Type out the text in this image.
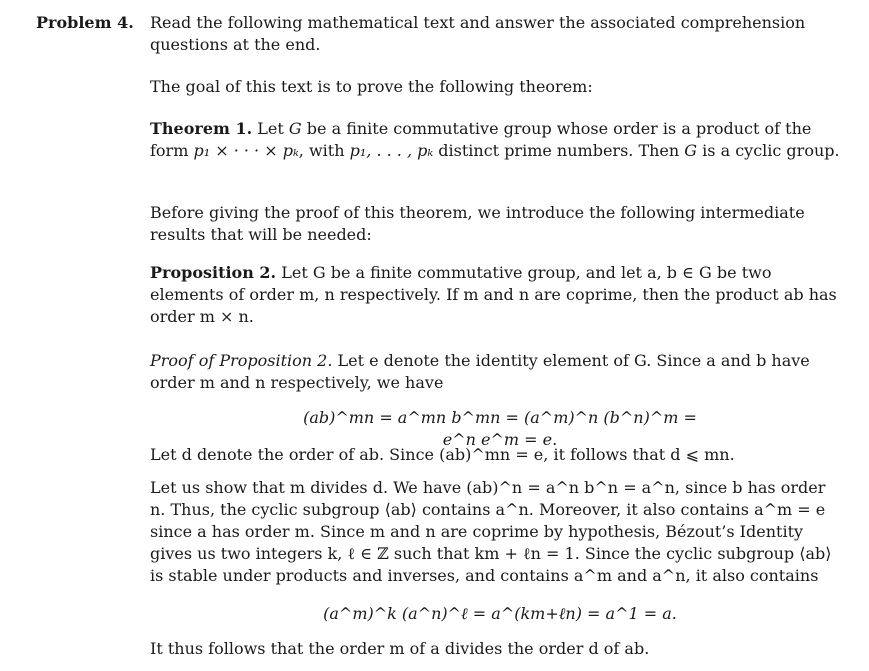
Problem 4. Read the following mathematical text and answer the associated comprehension questions at the end.

The goal of this text is to prove the following theorem:

Theorem 1. Let G be a finite commutative group whose order is a product of the form p₁ × · · · × pₖ, with p₁, . . . , pₖ distinct prime numbers. Then G is a cyclic group.

Before giving the proof of this theorem, we introduce the following intermediate results that will be needed:

Proposition 2. Let G be a finite commutative group, and let a, b ∈ G be two elements of order m, n respectively. If m and n are coprime, then the product ab has order m × n.

Proof of Proposition 2. Let e denote the identity element of G. Since a and b have order m and n respectively, we have

(ab)^mn = a^mn b^mn = (a^m)^n (b^n)^m = e^n e^m = e.

Let d denote the order of ab. Since (ab)^mn = e, it follows that d ⩽ mn.

Let us show that m divides d. We have (ab)^n = a^n b^n = a^n, since b has order n. Thus, the cyclic subgroup ⟨ab⟩ contains a^n. Moreover, it also contains a^m = e since a has order m. Since m and n are coprime by hypothesis, Bézout’s Identity gives us two integers k, ℓ ∈ ℤ such that km + ℓn = 1. Since the cyclic subgroup ⟨ab⟩ is stable under products and inverses, and contains a^m and a^n, it also contains

(a^m)^k (a^n)^ℓ = a^(km+ℓn) = a^1 = a.

It thus follows that the order m of a divides the order d of ab.
